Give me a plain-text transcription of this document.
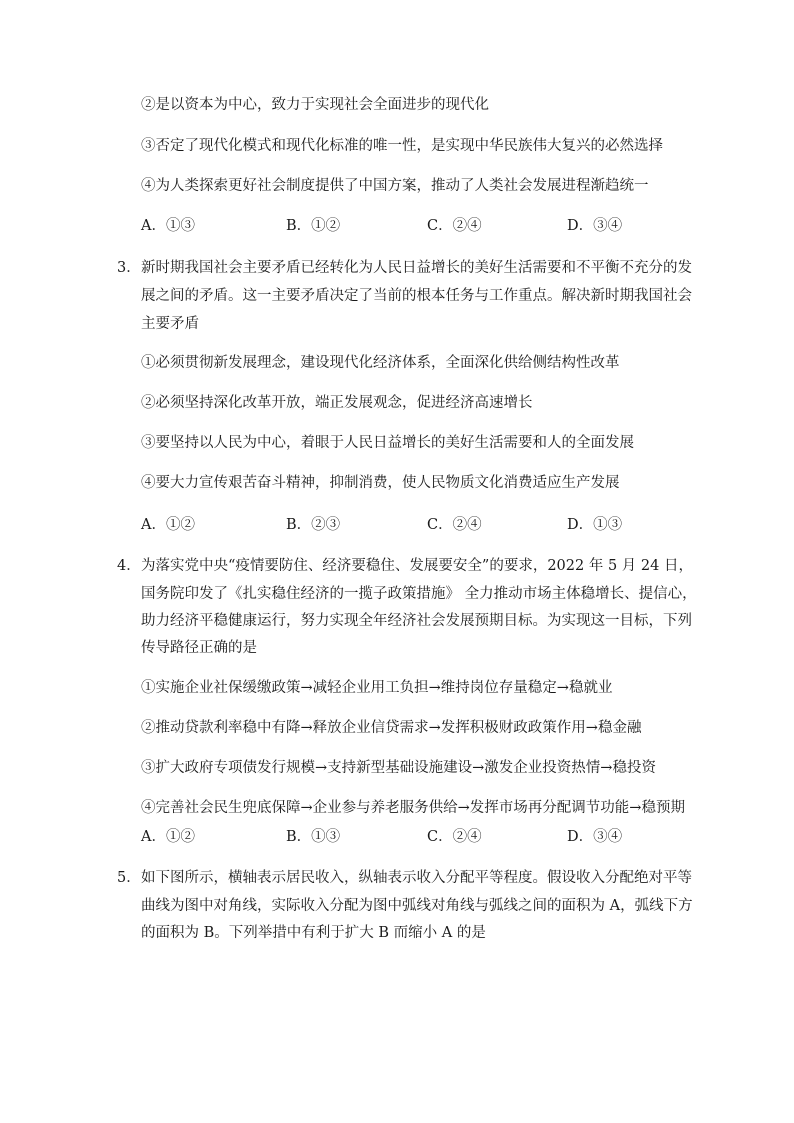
②是以资本为中心，致力于实现社会全面进步的现代化
③否定了现代化模式和现代化标准的唯一性，是实现中华民族伟大复兴的必然选择
④为人类探索更好社会制度提供了中国方案，推动了人类社会发展进程渐趋统一
A．①③	B．①②	C．②④	D．③④
3． 新时期我国社会主要矛盾已经转化为人民日益增长的美好生活需要和不平衡不充分的发
展之间的矛盾。这一主要矛盾决定了当前的根本任务与工作重点。解决新时期我国社会
主要矛盾
①必须贯彻新发展理念，建设现代化经济体系，全面深化供给侧结构性改革
②必须坚持深化改革开放，端正发展观念，促进经济高速增长
③要坚持以人民为中心，着眼于人民日益增长的美好生活需要和人的全面发展
④要大力宣传艰苦奋斗精神，抑制消费，使人民物质文化消费适应生产发展
A．①②	B．②③	C．②④	D．①③
4． 为落实党中央“疫情要防住、经济要稳住、发展要安全”的要求，2022 年 5 月 24 日，
国务院印发了《扎实稳住经济的一揽子政策措施》 全力推动市场主体稳增长、提信心，
助力经济平稳健康运行，努力实现全年经济社会发展预期目标。为实现这一目标，下列
传导路径正确的是
①实施企业社保缓缴政策→减轻企业用工负担→维持岗位存量稳定→稳就业
②推动贷款利率稳中有降→释放企业信贷需求→发挥积极财政政策作用→稳金融
③扩大政府专项债发行规模→支持新型基础设施建设→激发企业投资热情→稳投资
④完善社会民生兜底保障→企业参与养老服务供给→发挥市场再分配调节功能→稳预期
A．①②	B．①③	C．②④	D．③④
5． 如下图所示，横轴表示居民收入，纵轴表示收入分配平等程度。假设收入分配绝对平等
曲线为图中对角线，实际收入分配为图中弧线对角线与弧线之间的面积为 A，弧线下方
的面积为 B。下列举措中有利于扩大 B 而缩小 A 的是
